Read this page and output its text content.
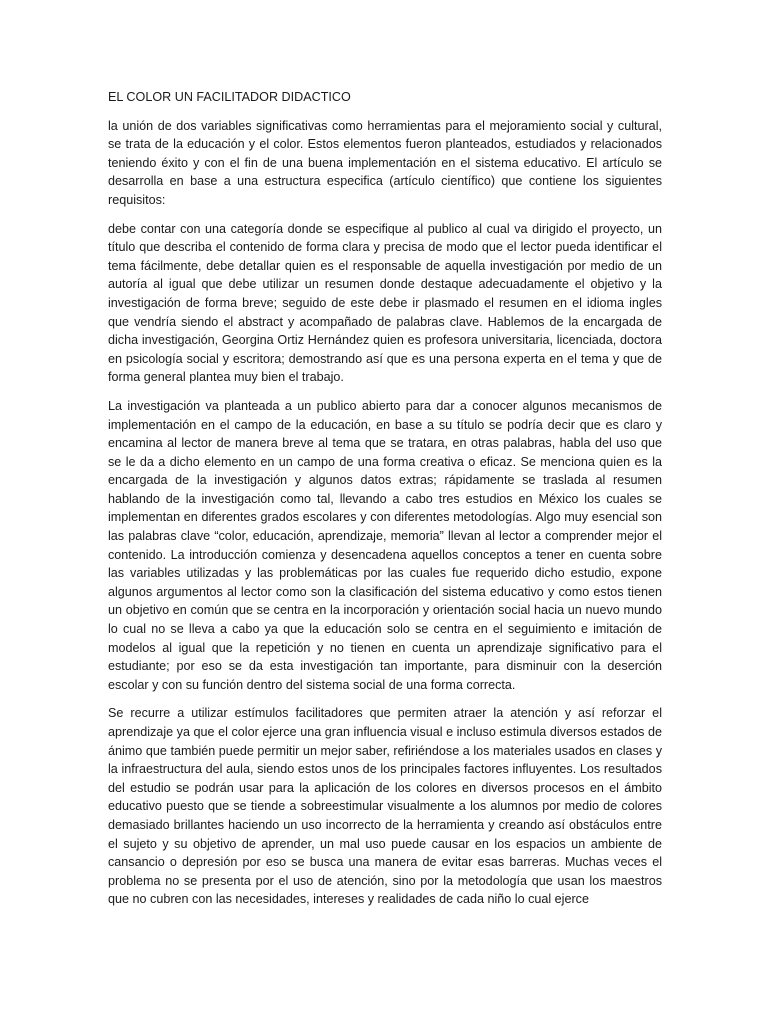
EL COLOR UN FACILITADOR DIDACTICO

la unión de dos variables significativas como herramientas para el mejoramiento social y cultural, se trata de la educación y el color. Estos elementos fueron planteados, estudiados y relacionados teniendo éxito y con el fin de una buena implementación en el sistema educativo. El artículo se desarrolla en base a una estructura especifica (artículo científico) que contiene los siguientes requisitos:

debe contar con una categoría donde se especifique al publico al cual va dirigido el proyecto, un título que describa el contenido de forma clara y precisa de modo que el lector pueda identificar el tema fácilmente, debe detallar quien es el responsable de aquella investigación por medio de un autoría al igual que debe utilizar un resumen donde destaque adecuadamente el objetivo y la investigación de forma breve; seguido de este debe ir plasmado el resumen en el idioma ingles que vendría siendo el abstract y acompañado de palabras clave. Hablemos de la encargada de dicha investigación, Georgina Ortiz Hernández quien es profesora universitaria, licenciada, doctora en psicología social y escritora; demostrando así que es una persona experta en el tema y que de forma general plantea muy bien el trabajo.

La investigación va planteada a un publico abierto para dar a conocer algunos mecanismos de implementación en el campo de la educación, en base a su título se podría decir que es claro y encamina al lector de manera breve al tema que se tratara, en otras palabras, habla del uso que se le da a dicho elemento en un campo de una forma creativa o eficaz. Se menciona quien es la encargada de la investigación y algunos datos extras; rápidamente se traslada al resumen hablando de la investigación como tal, llevando a cabo tres estudios en México los cuales se implementan en diferentes grados escolares y con diferentes metodologías. Algo muy esencial son las palabras clave “color, educación, aprendizaje, memoria” llevan al lector a comprender mejor el contenido. La introducción comienza y desencadena aquellos conceptos a tener en cuenta sobre las variables utilizadas y las problemáticas por las cuales fue requerido dicho estudio, expone algunos argumentos al lector como son la clasificación del sistema educativo y como estos tienen un objetivo en común que se centra en la incorporación y orientación social hacia un nuevo mundo lo cual no se lleva a cabo ya que la educación solo se centra en el seguimiento e imitación de modelos al igual que la repetición y no tienen en cuenta un aprendizaje significativo para el estudiante; por eso se da esta investigación tan importante, para disminuir con la deserción escolar y con su función dentro del sistema social de una forma correcta.

Se recurre a utilizar estímulos facilitadores que permiten atraer la atención y así reforzar el aprendizaje ya que el color ejerce una gran influencia visual e incluso estimula diversos estados de ánimo que también puede permitir un mejor saber, refiriéndose a los materiales usados en clases y la infraestructura del aula, siendo estos unos de los principales factores influyentes. Los resultados del estudio se podrán usar para la aplicación de los colores en diversos procesos en el ámbito educativo puesto que se tiende a sobreestimular visualmente a los alumnos por medio de colores demasiado brillantes haciendo un uso incorrecto de la herramienta y creando así obstáculos entre el sujeto y su objetivo de aprender, un mal uso puede causar en los espacios un ambiente de cansancio o depresión por eso se busca una manera de evitar esas barreras. Muchas veces el problema no se presenta por el uso de atención, sino por la metodología que usan los maestros que no cubren con las necesidades, intereses y realidades de cada niño lo cual ejerce
